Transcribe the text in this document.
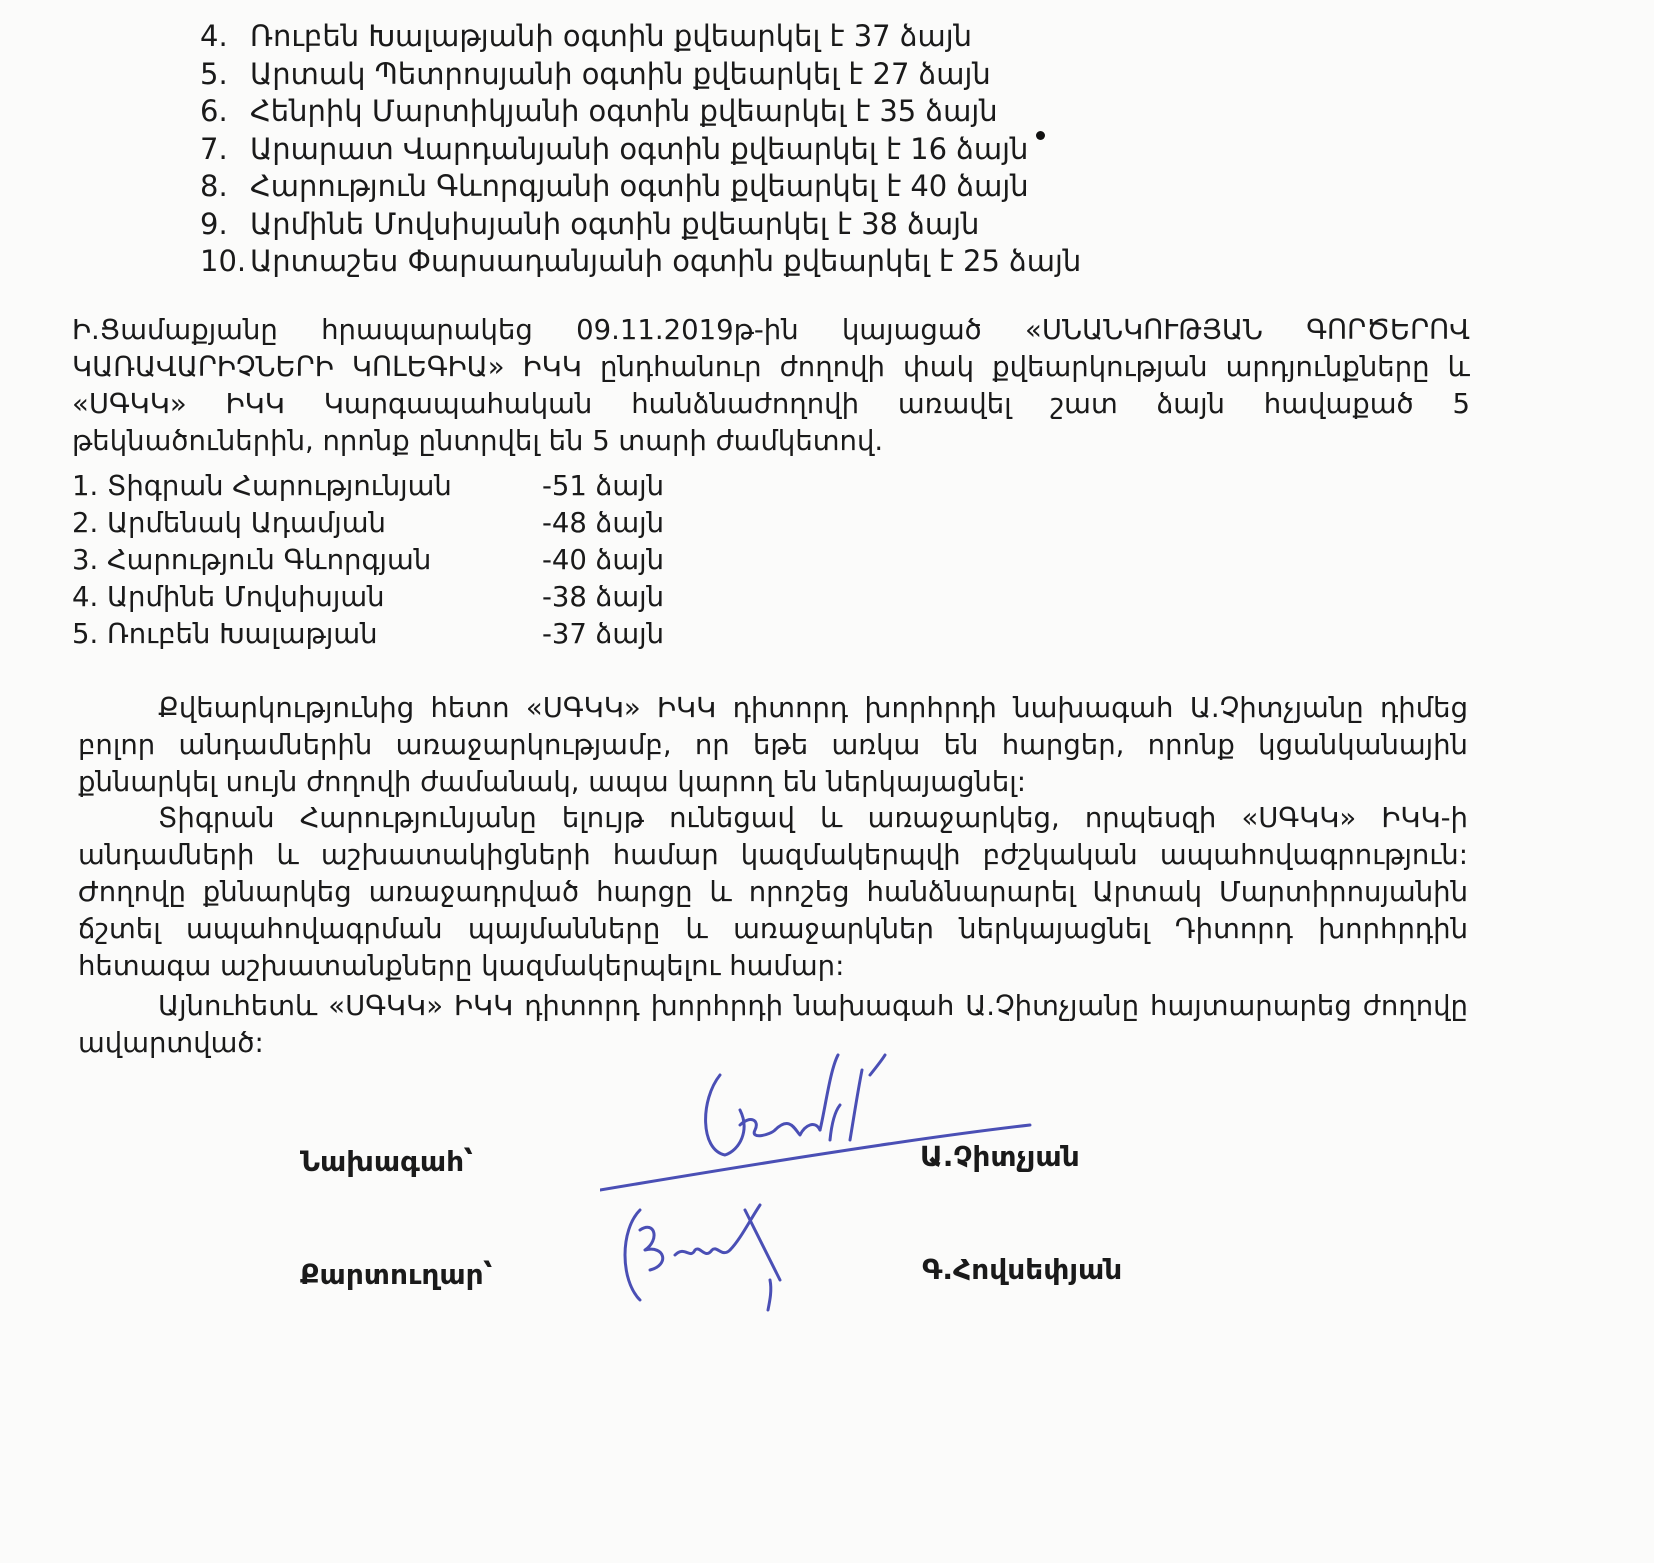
4. Ռուբեն Խալաթյանի օգտին քվեարկել է 37 ձայն
5. Արտակ Պետրոսյանի օգտին քվեարկել է 27 ձայն
6. Հենրիկ Մարտիկյանի օգտին քվեարկել է 35 ձայն
7. Արարատ Վարդանյանի օգտին քվեարկել է 16 ձայն
8. Հարություն Գևորգյանի օգտին քվեարկել է 40 ձայն
9. Արմինե Մովսիսյանի օգտին քվեարկել է 38 ձայն
10. Արտաշես Փարսադանյանի օգտին քվեարկել է 25 ձայն

Ի.Ցամաքյանը հրապարակեց 09.11.2019թ-ին կայացած «ՍՆԱՆԿՈՒԹՅԱՆ ԳՈՐԾԵՐՈՎ ԿԱՌԱՎԱՐԻՉՆԵՐԻ ԿՈԼԵԳԻԱ» ԻԿԿ ընդհանուր ժողովի փակ քվեարկության արդյունքները և «ՍԳԿԿ» ԻԿԿ Կարգապահական հանձնաժողովի առավել շատ ձայն հավաքած 5 թեկնածուներին, որոնք ընտրվել են 5 տարի ժամկետով.

1. Տիգրան Հարությունյան	-51 ձայն
2. Արմենակ Ադամյան	-48 ձայն
3. Հարություն Գևորգյան	-40 ձայն
4. Արմինե Մովսիսյան	-38 ձայն
5. Ռուբեն Խալաթյան	-37 ձայն

Քվեարկությունից հետո «ՍԳԿԿ» ԻԿԿ դիտորդ խորհրդի նախագահ Ա.Չիտչյանը դիմեց բոլոր անդամներին առաջարկությամբ, որ եթե առկա են հարցեր, որոնք կցանկանային քննարկել սույն ժողովի ժամանակ, ապա կարող են ներկայացնել:

Տիգրան Հարությունյանը ելույթ ունեցավ և առաջարկեց, որպեսզի «ՍԳԿԿ» ԻԿԿ-ի անդամների և աշխատակիցների համար կազմակերպվի բժշկական ապահովագրություն: Ժողովը քննարկեց առաջադրված հարցը և որոշեց հանձնարարել Արտակ Մարտիրոսյանին ճշտել ապահովագրման պայմանները և առաջարկներ ներկայացնել Դիտորդ խորհրդին հետագա աշխատանքները կազմակերպելու համար:

Այնուհետև «ՍԳԿԿ» ԻԿԿ դիտորդ խորհրդի նախագահ Ա.Չիտչյանը հայտարարեց ժողովը ավարտված:

Նախագահ՝	Ա.Չիտչյան
Քարտուղար՝	Գ.Հովսեփյան
